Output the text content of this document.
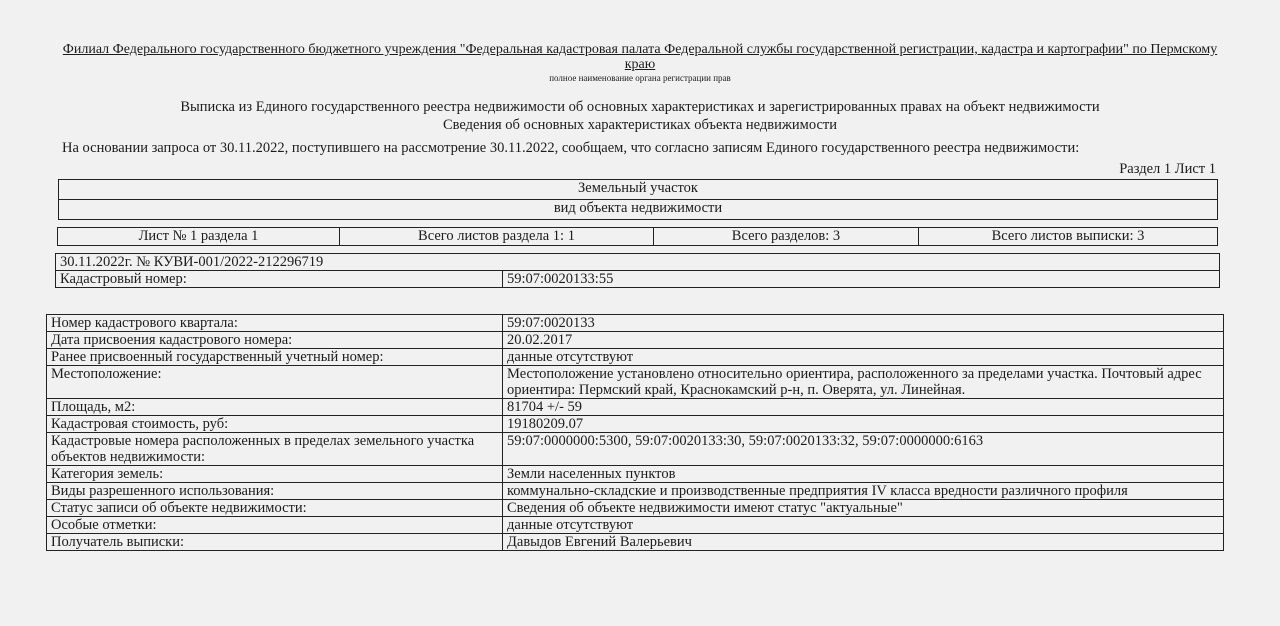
Филиал Федерального государственного бюджетного учреждения "Федеральная кадастровая палата Федеральной службы государственной регистрации, кадастра и картографии" по Пермскому краю
полное наименование органа регистрации прав
Выписка из Единого государственного реестра недвижимости об основных характеристиках и зарегистрированных правах на объект недвижимости
Сведения об основных характеристиках объекта недвижимости
На основании запроса от 30.11.2022, поступившего на рассмотрение 30.11.2022, сообщаем, что согласно записям Единого государственного реестра недвижимости:
Раздел 1 Лист 1
Земельный участок
вид объекта недвижимости
Лист № 1 раздела 1	Всего листов раздела 1: 1	Всего разделов: 3	Всего листов выписки: 3
30.11.2022г. № КУВИ-001/2022-212296719
Кадастровый номер:	59:07:0020133:55
Номер кадастрового квартала:	59:07:0020133
Дата присвоения кадастрового номера:	20.02.2017
Ранее присвоенный государственный учетный номер:	данные отсутствуют
Местоположение:	Местоположение установлено относительно ориентира, расположенного за пределами участка. Почтовый адрес ориентира: Пермский край, Краснокамский р-н, п. Оверята, ул. Линейная.
Площадь, м2:	81704 +/- 59
Кадастровая стоимость, руб:	19180209.07
Кадастровые номера расположенных в пределах земельного участка объектов недвижимости:	59:07:0000000:5300, 59:07:0020133:30, 59:07:0020133:32, 59:07:0000000:6163
Категория земель:	Земли населенных пунктов
Виды разрешенного использования:	коммунально-складские и производственные предприятия IV класса вредности различного профиля
Статус записи об объекте недвижимости:	Сведения об объекте недвижимости имеют статус "актуальные"
Особые отметки:	данные отсутствуют
Получатель выписки:	Давыдов Евгений Валерьевич
